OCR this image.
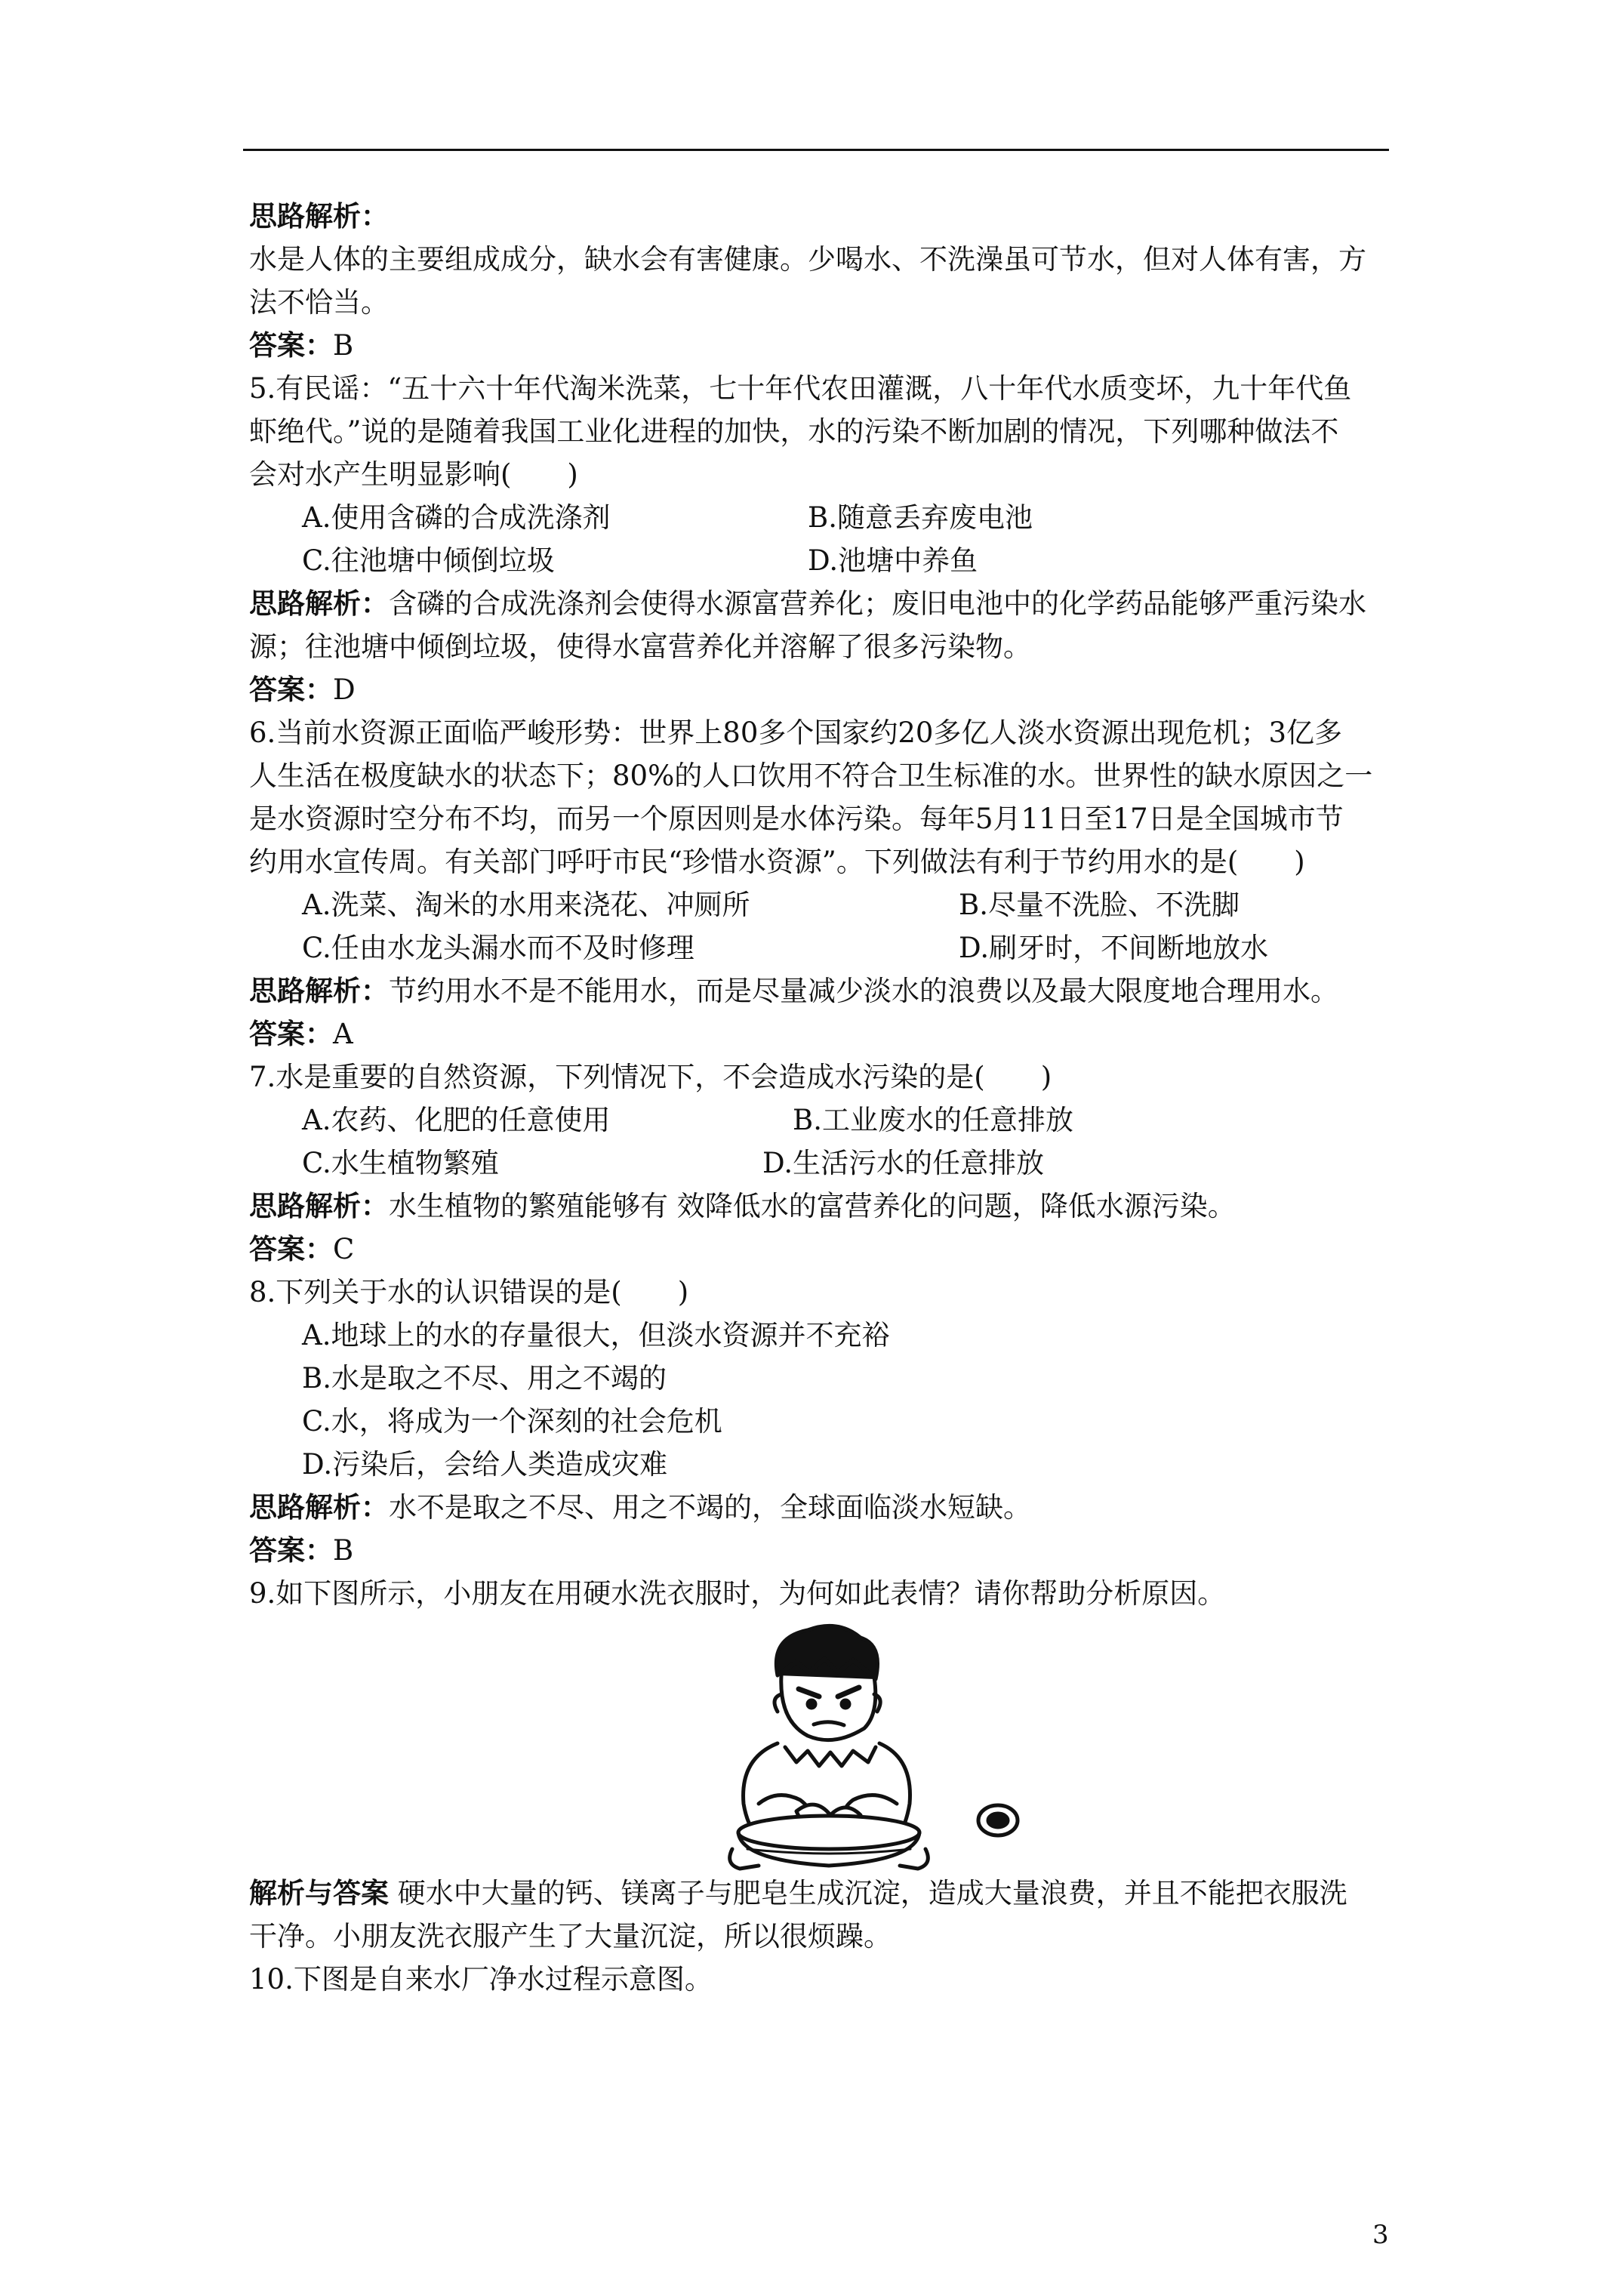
思路解析：

水是人体的主要组成成分，缺水会有害健康。少喝水、不洗澡虽可节水，但对人体有害，方

法不恰当。

答案：B

5.有民谣：“五十六十年代淘米洗菜，七十年代农田灌溉，八十年代水质变坏，九十年代鱼

虾绝代。”说的是随着我国工业化进程的加快，水的污染不断加剧的情况，下列哪种做法不

会对水产生明显影响(　　)

A.使用含磷的合成洗涤剂	B.随意丢弃废电池

C.往池塘中倾倒垃圾	D.池塘中养鱼

思路解析：含磷的合成洗涤剂会使得水源富营养化；废旧电池中的化学药品能够严重污染水

源；往池塘中倾倒垃圾，使得水富营养化并溶解了很多污染物。

答案：D

6.当前水资源正面临严峻形势：世界上80多个国家约20多亿人淡水资源出现危机；3亿多

人生活在极度缺水的状态下；80%的人口饮用不符合卫生标准的水。世界性的缺水原因之一

是水资源时空分布不均，而另一个原因则是水体污染。每年5月11日至17日是全国城市节

约用水宣传周。有关部门呼吁市民“珍惜水资源”。下列做法有利于节约用水的是(　　)

A.洗菜、淘米的水用来浇花、冲厕所	B.尽量不洗脸、不洗脚

C.任由水龙头漏水而不及时修理	D.刷牙时，不间断地放水

思路解析：节约用水不是不能用水，而是尽量减少淡水的浪费以及最大限度地合理用水。

答案：A

7.水是重要的自然资源，下列情况下，不会造成水污染的是(　　)

A.农药、化肥的任意使用	B.工业废水的任意排放

C.水生植物繁殖	D.生活污水的任意排放

思路解析：水生植物的繁殖能够有 效降低水的富营养化的问题，降低水源污染。

答案：C

8.下列关于水的认识错误的是(　　)

A.地球上的水的存量很大，但淡水资源并不充裕

B.水是取之不尽、用之不竭的

C.水，将成为一个深刻的社会危机

D.污染后，会给人类造成灾难

思路解析：水不是取之不尽、用之不竭的，全球面临淡水短缺。

答案：B

9.如下图所示，小朋友在用硬水洗衣服时，为何如此表情？请你帮助分析原因。

解析与答案 硬水中大量的钙、镁离子与肥皂生成沉淀，造成大量浪费，并且不能把衣服洗

干净。小朋友洗衣服产生了大量沉淀，所以很烦躁。

10.下图是自来水厂净水过程示意图。

3
